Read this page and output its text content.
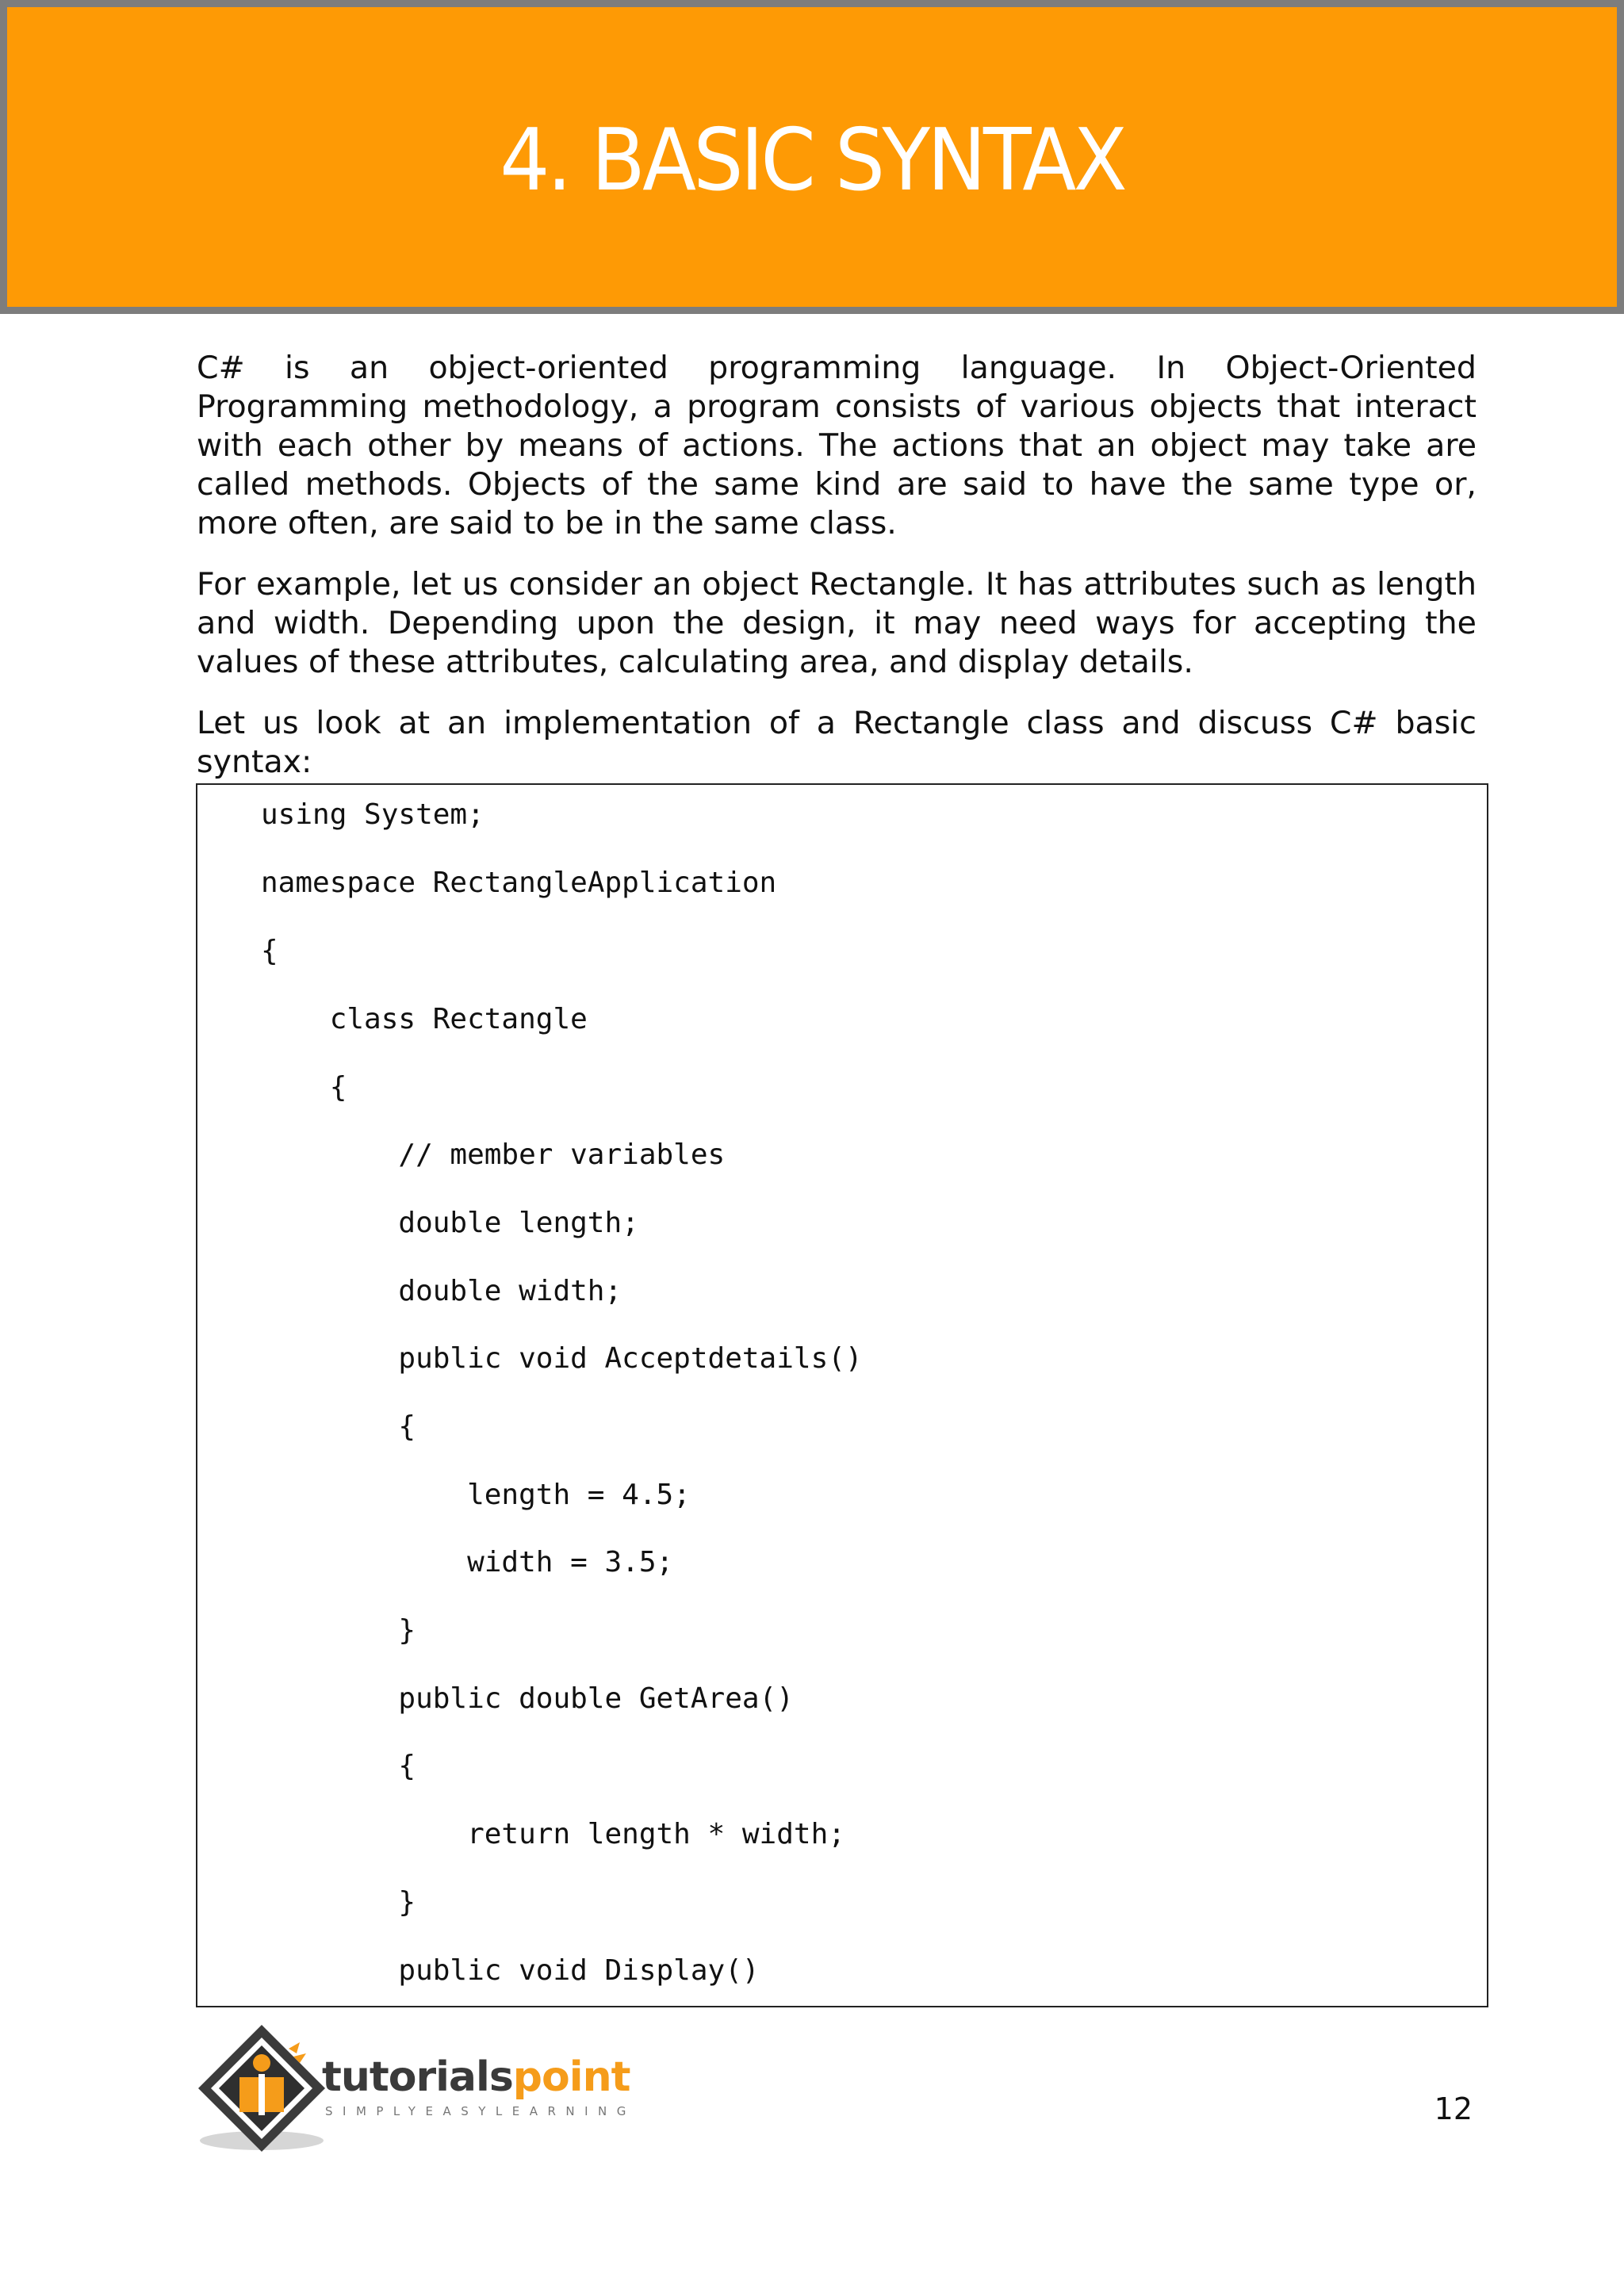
4. BASIC SYNTAX

C# is an object-oriented programming language. In Object-Oriented Programming methodology, a program consists of various objects that interact with each other by means of actions. The actions that an object may take are called methods. Objects of the same kind are said to have the same type or, more often, are said to be in the same class.

For example, let us consider an object Rectangle. It has attributes such as length and width. Depending upon the design, it may need ways for accepting the values of these attributes, calculating area, and display details.

Let us look at an implementation of a Rectangle class and discuss C# basic syntax:

using System;
namespace RectangleApplication
{
class Rectangle
{
// member variables
double length;
double width;
public void Acceptdetails()
{
length = 4.5;
width = 3.5;
}
public double GetArea()
{
return length * width;
}
public void Display()
tutorialspoint
SIMPLYEASYLEARNING	12
